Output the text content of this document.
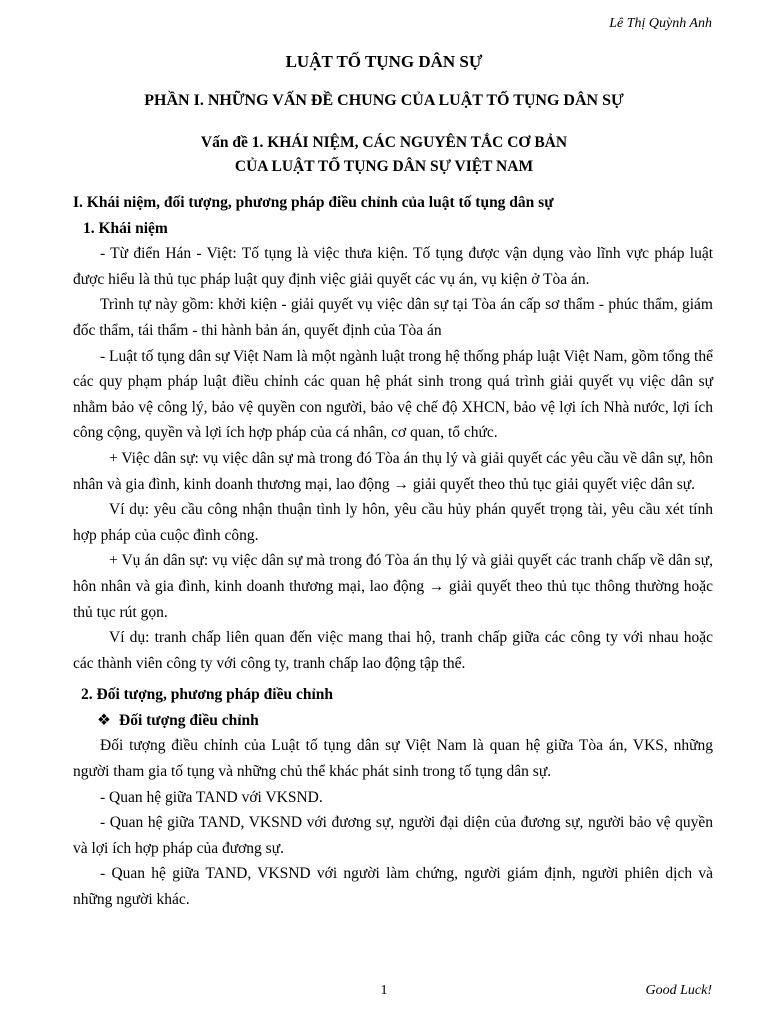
Lê Thị Quỳnh Anh
LUẬT TỐ TỤNG DÂN SỰ
PHẦN I. NHỮNG VẤN ĐỀ CHUNG CỦA LUẬT TỐ TỤNG DÂN SỰ
Vấn đề 1. KHÁI NIỆM, CÁC NGUYÊN TẮC CƠ BẢN
CỦA LUẬT TỐ TỤNG DÂN SỰ VIỆT NAM

I. Khái niệm, đối tượng, phương pháp điều chỉnh của luật tố tụng dân sự

1. Khái niệm

- Từ điển Hán - Việt: Tố tụng là việc thưa kiện. Tố tụng được vận dụng vào lĩnh vực pháp luật được hiểu là thủ tục pháp luật quy định việc giải quyết các vụ án, vụ kiện ở Tòa án.

Trình tự này gồm: khởi kiện - giải quyết vụ việc dân sự tại Tòa án cấp sơ thẩm - phúc thẩm, giám đốc thẩm, tái thẩm - thi hành bản án, quyết định của Tòa án

- Luật tố tụng dân sự Việt Nam là một ngành luật trong hệ thống pháp luật Việt Nam, gồm tổng thể các quy phạm pháp luật điều chỉnh các quan hệ phát sinh trong quá trình giải quyết vụ việc dân sự nhằm bảo vệ công lý, bảo vệ quyền con người, bảo vệ chế độ XHCN, bảo vệ lợi ích Nhà nước, lợi ích công cộng, quyền và lợi ích hợp pháp của cá nhân, cơ quan, tổ chức.

+ Việc dân sự: vụ việc dân sự mà trong đó Tòa án thụ lý và giải quyết các yêu cầu về dân sự, hôn nhân và gia đình, kinh doanh thương mại, lao động → giải quyết theo thủ tục giải quyết việc dân sự.

Ví dụ: yêu cầu công nhận thuận tình ly hôn, yêu cầu hủy phán quyết trọng tài, yêu cầu xét tính hợp pháp của cuộc đình công.

+ Vụ án dân sự: vụ việc dân sự mà trong đó Tòa án thụ lý và giải quyết các tranh chấp về dân sự, hôn nhân và gia đình, kinh doanh thương mại, lao động → giải quyết theo thủ tục thông thường hoặc thủ tục rút gọn.

Ví dụ: tranh chấp liên quan đến việc mang thai hộ, tranh chấp giữa các công ty với nhau hoặc các thành viên công ty với công ty, tranh chấp lao động tập thể.

2. Đối tượng, phương pháp điều chỉnh

❖ Đối tượng điều chỉnh

Đối tượng điều chỉnh của Luật tố tụng dân sự Việt Nam là quan hệ giữa Tòa án, VKS, những người tham gia tố tụng và những chủ thể khác phát sinh trong tố tụng dân sự.

- Quan hệ giữa TAND với VKSND.

- Quan hệ giữa TAND, VKSND với đương sự, người đại diện của đương sự, người bảo vệ quyền và lợi ích hợp pháp của đương sự.

- Quan hệ giữa TAND, VKSND với người làm chứng, người giám định, người phiên dịch và những người khác.

1	Good Luck!
